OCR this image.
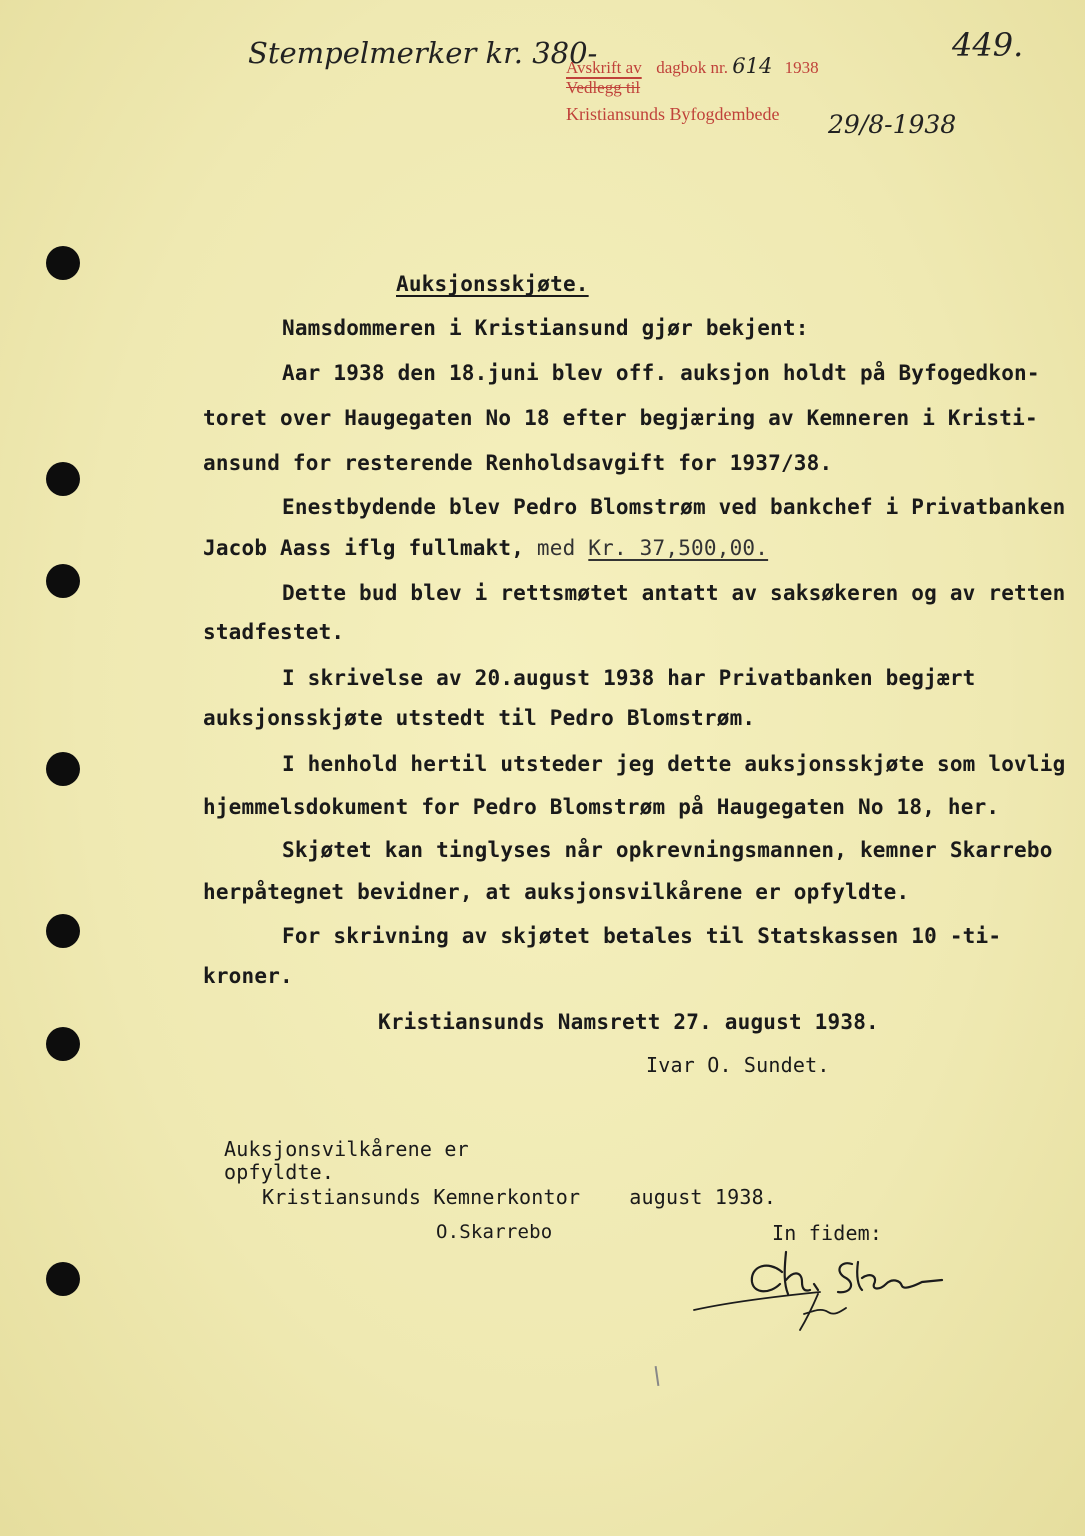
Stempelmerker kr. 380-	449.
Avskrift av dagbok nr. 614 1938
Vedlegg til
Kristiansunds Byfogdembede	29/8-1938
Auksjonsskjøte.
Namsdommeren i Kristiansund gjør bekjent:
Aar 1938 den 18.juni blev off. auksjon holdt på Byfogedkon-
toret over Haugegaten No 18 efter begjæring av Kemneren i Kristi-
ansund for resterende Renholdsavgift for 1937/38.
Enestbydende blev Pedro Blomstrøm ved bankchef i Privatbanken
Jacob Aass iflg fullmakt, med Kr. 37,500,00.
Dette bud blev i rettsmøtet antatt av saksøkeren og av retten
stadfestet.
I skrivelse av 20.august 1938 har Privatbanken begjært
auksjonsskjøte utstedt til Pedro Blomstrøm.
I henhold hertil utsteder jeg dette auksjonsskjøte som lovlig
hjemmelsdokument for Pedro Blomstrøm på Haugegaten No 18, her.
Skjøtet kan tinglyses når opkrevningsmannen, kemner Skarrebo
herpåtegnet bevidner, at auksjonsvilkårene er opfyldte.
For skrivning av skjøtet betales til Statskassen 10 -ti-
kroner.
Kristiansunds Namsrett 27. august 1938.
Ivar O. Sundet.
Auksjonsvilkårene er
opfyldte.
Kristiansunds Kemnerkontor    august 1938.
O.Skarrebo	In fidem:
